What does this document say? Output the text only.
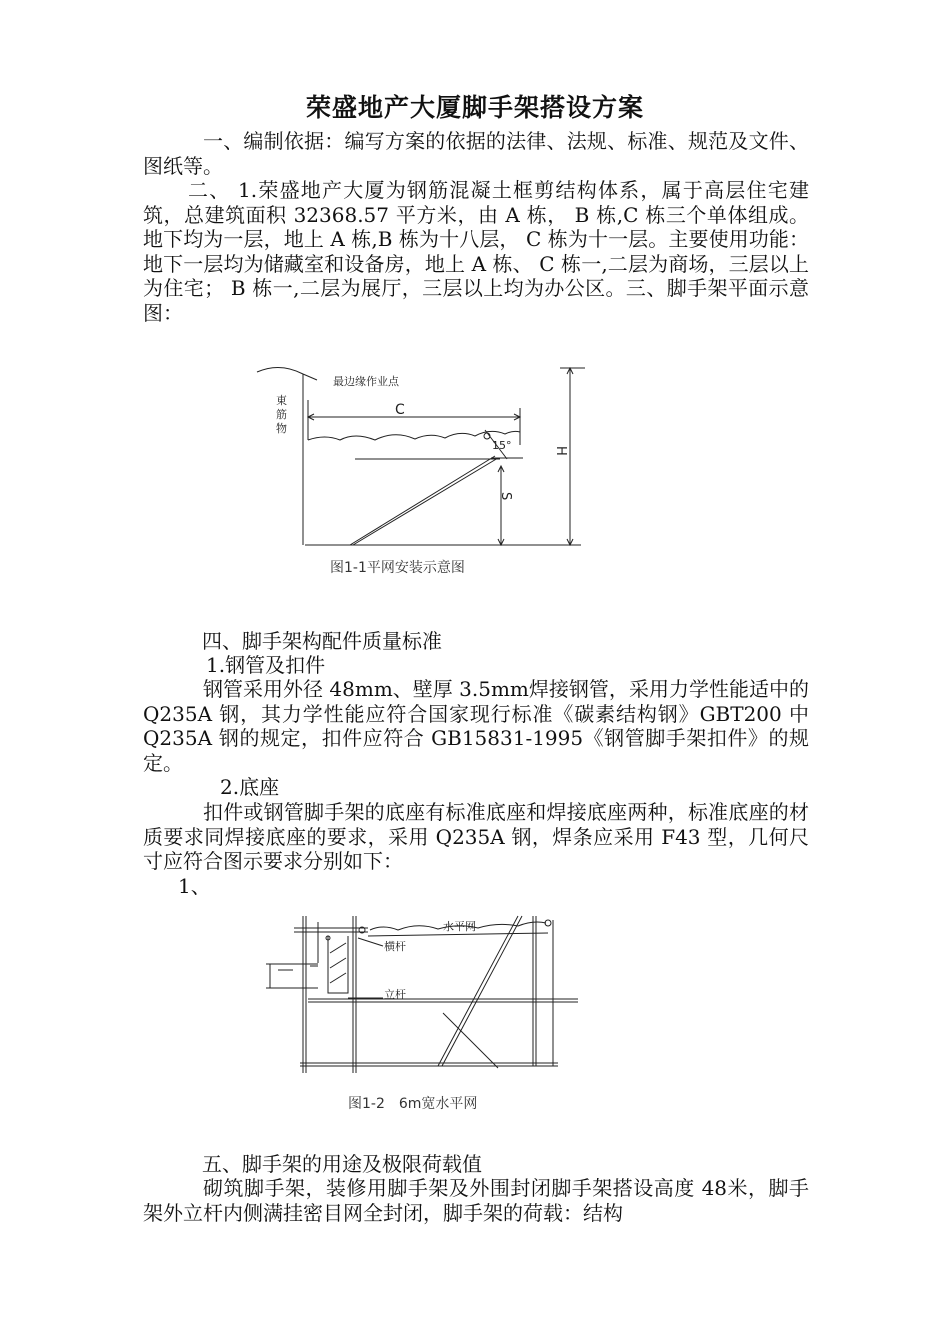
荣盛地产大厦脚手架搭设方案

一、编制依据：编写方案的依据的法律、法规、标准、规范及文件、图纸等。

二、 1.荣盛地产大厦为钢筋混凝土框剪结构体系，属于高层住宅建筑，总建筑面积 32368.57 平方米，由 A 栋， B 栋,C 栋三个单体组成。地下均为一层，地上 A 栋,B 栋为十八层， C 栋为十一层。主要使用功能：地下一层均为储藏室和设备房，地上 A 栋、 C 栋一,二层为商场，三层以上为住宅； B 栋一,二层为展厅，三层以上均为办公区。三、脚手架平面示意图：

最边缘作业点
東
筋
物
C
15°	H
S
图1-1平网安装示意图

四、脚手架构配件质量标准

1.钢管及扣件

钢管采用外径 48mm、壁厚 3.5mm焊接钢管，采用力学性能适中的 Q235A 钢，其力学性能应符合国家现行标准《碳素结构钢》GBT200 中 Q235A 钢的规定，扣件应符合 GB15831-1995《钢管脚手架扣件》的规定。

2.底座

扣件或钢管脚手架的底座有标准底座和焊接底座两种，标准底座的材质要求同焊接底座的要求，采用 Q235A 钢，焊条应采用 F43 型，几何尺寸应符合图示要求分别如下：

1、

水平网
横杆
立杆
图1-2　6m宽水平网

五、脚手架的用途及极限荷载值

砌筑脚手架，装修用脚手架及外围封闭脚手架搭设高度 48米，脚手架外立杆内侧满挂密目网全封闭，脚手架的荷载：结构
